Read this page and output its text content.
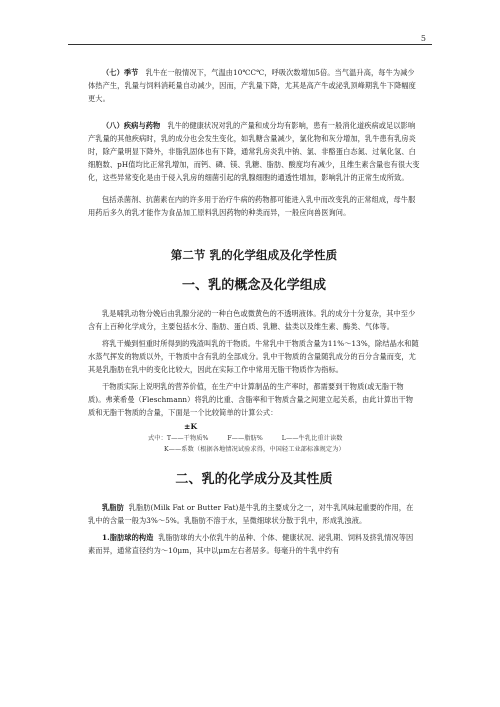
5

（七）季节 乳牛在一般情况下，气温由10℃C℃，呼吸次数增加5倍。当气温升高，每牛为减少体热产生，乳量与饲料消耗量自动减少，因而，产乳量下降，尤其是高产牛或泌乳顶峰期乳牛下降幅度更大。

（八）疾病与药物 乳牛的健康状况对乳的产量和成分均有影响，患有一般消化道疾病或足以影响产乳量的其他疾病时，乳的成分也会发生变化，如乳糖含量减少，氯化物和灰分增加，乳牛患有乳房炎时，除产量明显下降外，非脂乳固体也有下降，通常乳房炎乳中钠、氯、非酪蛋白态氮、过氧化氢、白细胞数、pH值均比正常乳增加，而钙、磷、镁、乳糖、脂肪、酸度均有减少，且维生素含量也有很大变化，这些异常变化是由于侵入乳房的细菌引起的乳腺细胞的通透性增加，影响乳汁的正常生成所致。

包括杀菌剂、抗菌素在内的许多用于治疗牛病的药物都可能进入乳中而改变乳的正常组成，母牛服用药后多久的乳才能作为食品加工原料乳因药物的种类而异，一般应向兽医询问。

第二节 乳的化学组成及化学性质
一、乳的概念及化学组成

乳是哺乳动物分娩后由乳腺分泌的一种白色或微黄色的不透明液体。乳的成分十分复杂，其中至少含有上百种化学成分，主要包括水分、脂肪、蛋白质、乳糖、盐类以及维生素、酶类、气体等。

将乳干燥到恒重时所得到的残渣叫乳的干物质。牛常乳中干物质含量为11%～13%，除结晶水和随水蒸气挥发的物质以外，干物质中含有乳的全部成分。乳中干物质的含量随乳成分的百分含量而变，尤其是乳脂肪在乳中的变化比较大，因此在实际工作中常用无脂干物质作为指标。

干物质实际上说明乳的营养价值，在生产中计算制品的生产率时，都需要到干物质(或无脂干物质)。弗莱希曼（Fleschmann）将乳的比重、含脂率和干物质含量之间建立起关系，由此计算出干物质和无脂干物质的含量，下面是一个比较简单的计算公式：

±K
式中：T——干物质%　　　F——脂肪%　　　L——牛乳比重计读数
K——系数（根据各地情况试验求得，中国轻工业部标准规定为）
二、乳的化学成分及其性质

乳脂肪 乳脂肪(Milk Fat or Butter Fat)是牛乳的主要成分之一，对牛乳风味起重要的作用，在乳中的含量一般为3%～5%。乳脂肪不溶于水，呈微细球状分散于乳中，形成乳浊液。

1.脂肪球的构造 乳脂肪球的大小依乳牛的品种、个体、健康状况、泌乳期、饲料及挤乳情况等因素而异，通常直径约为～10μm，其中以μm左右者居多。每毫升的牛乳中约有
